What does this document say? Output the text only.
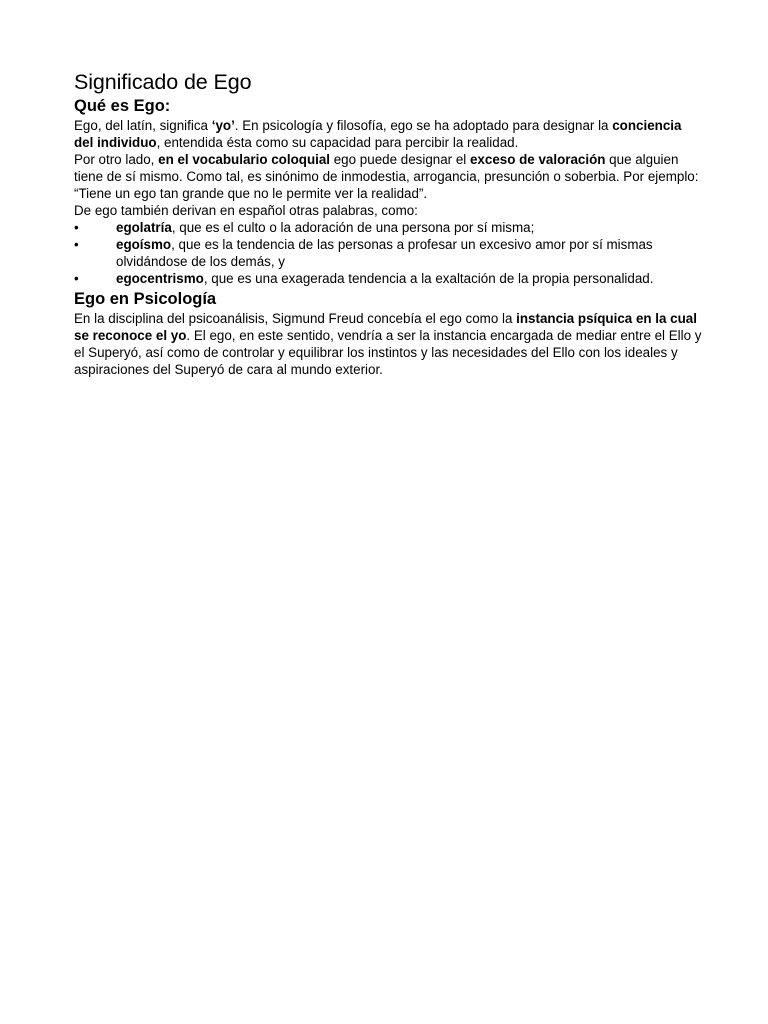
Significado de Ego
Qué es Ego:

Ego, del latín, significa ‘yo’. En psicología y filosofía, ego se ha adoptado para designar la conciencia del individuo, entendida ésta como su capacidad para percibir la realidad.

Por otro lado, en el vocabulario coloquial ego puede designar el exceso de valoración que alguien tiene de sí mismo. Como tal, es sinónimo de inmodestia, arrogancia, presunción o soberbia. Por ejemplo: “Tiene un ego tan grande que no le permite ver la realidad”.

De ego también derivan en español otras palabras, como:

•	egolatría, que es el culto o la adoración de una persona por sí misma;
•	egoísmo, que es la tendencia de las personas a profesar un excesivo amor por sí mismas olvidándose de los demás, y
•	egocentrismo, que es una exagerada tendencia a la exaltación de la propia personalidad.
Ego en Psicología

En la disciplina del psicoanálisis, Sigmund Freud concebía el ego como la instancia psíquica en la cual se reconoce el yo. El ego, en este sentido, vendría a ser la instancia encargada de mediar entre el Ello y el Superyó, así como de controlar y equilibrar los instintos y las necesidades del Ello con los ideales y aspiraciones del Superyó de cara al mundo exterior.
